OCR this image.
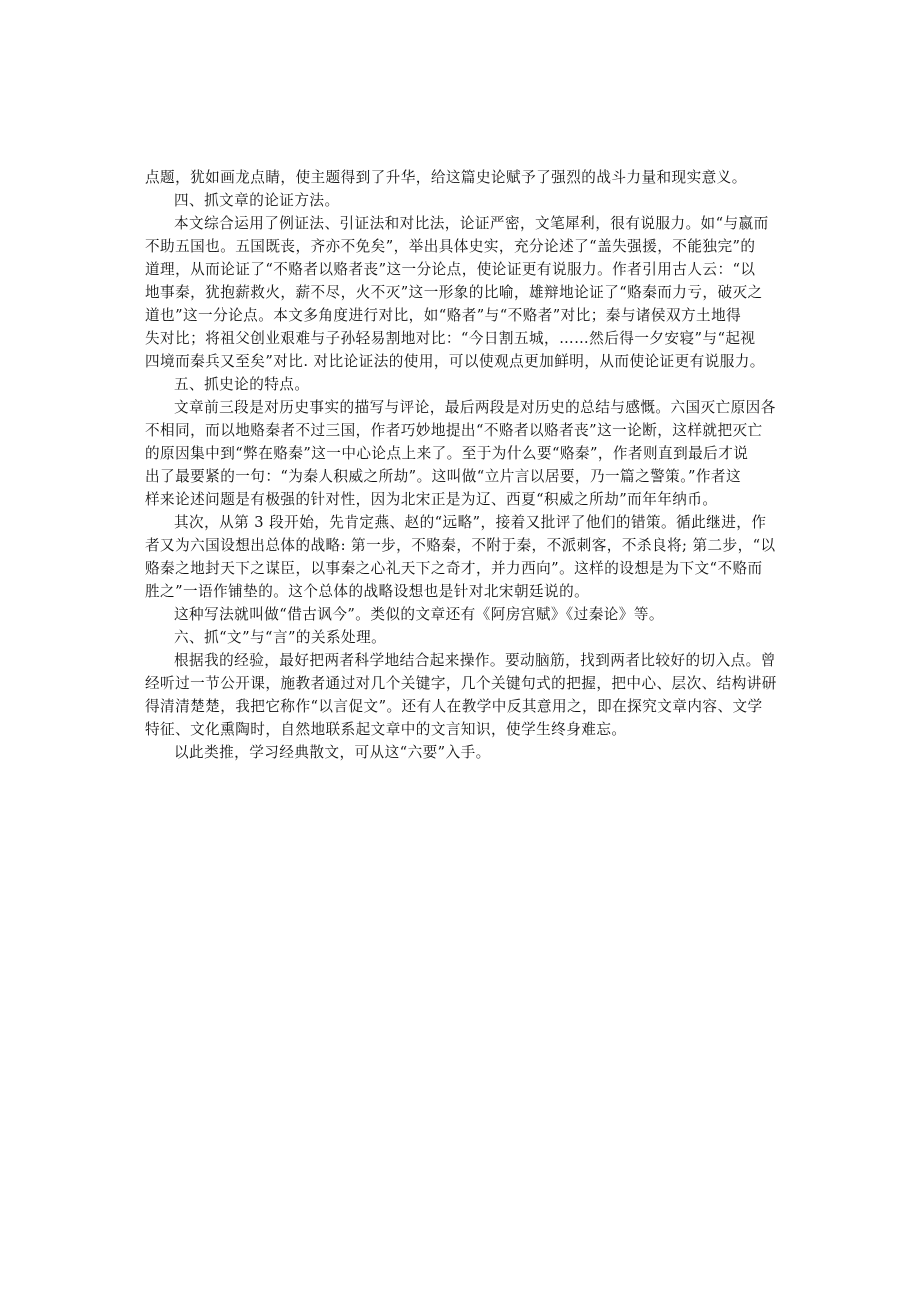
点题，犹如画龙点睛，使主题得到了升华，给这篇史论赋予了强烈的战斗力量和现实意义。

四、抓文章的论证方法。

本文综合运用了例证法、引证法和对比法，论证严密，文笔犀利，很有说服力。如“与嬴而

不助五国也。五国既丧，齐亦不免矣”，举出具体史实，充分论述了“盖失强援，不能独完”的

道理，从而论证了“不赂者以赂者丧”这一分论点，使论证更有说服力。作者引用古人云：“以

地事秦，犹抱薪救火，薪不尽，火不灭”这一形象的比喻，雄辩地论证了“赂秦而力亏，破灭之

道也”这一分论点。本文多角度进行对比，如“赂者”与“不赂者”对比；秦与诸侯双方土地得

失对比；将祖父创业艰难与子孙轻易割地对比：“今日割五城，……然后得一夕安寝”与“起视

四境而秦兵又至矣”对比. 对比论证法的使用，可以使观点更加鲜明，从而使论证更有说服力。

五、抓史论的特点。

文章前三段是对历史事实的描写与评论，最后两段是对历史的总结与感慨。六国灭亡原因各

不相同，而以地赂秦者不过三国，作者巧妙地提出“不赂者以赂者丧”这一论断，这样就把灭亡

的原因集中到“弊在赂秦”这一中心论点上来了。至于为什么要“赂秦”，作者则直到最后才说

出了最要紧的一句：“为秦人积威之所劫”。这叫做“立片言以居要，乃一篇之警策。”作者这

样来论述问题是有极强的针对性，因为北宋正是为辽、西夏“积威之所劫”而年年纳币。

其次，从第 3 段开始，先肯定燕、赵的“远略”，接着又批评了他们的错策。循此继进，作

者又为六国设想出总体的战略: 第一步，不赂秦，不附于秦，不派刺客，不杀良将; 第二步，“以

赂秦之地封天下之谋臣，以事秦之心礼天下之奇才，并力西向”。这样的设想是为下文“不赂而

胜之”一语作铺垫的。这个总体的战略设想也是针对北宋朝廷说的。

这种写法就叫做“借古讽今”。类似的文章还有《阿房宫赋》《过秦论》等。

六、抓“文”与“言”的关系处理。

根据我的经验，最好把两者科学地结合起来操作。要动脑筋，找到两者比较好的切入点。曾

经听过一节公开课，施教者通过对几个关键字，几个关键句式的把握，把中心、层次、结构讲研

得清清楚楚，我把它称作“以言促文”。还有人在教学中反其意用之，即在探究文章内容、文学

特征、文化熏陶时，自然地联系起文章中的文言知识，使学生终身难忘。

以此类推，学习经典散文，可从这“六要”入手。
